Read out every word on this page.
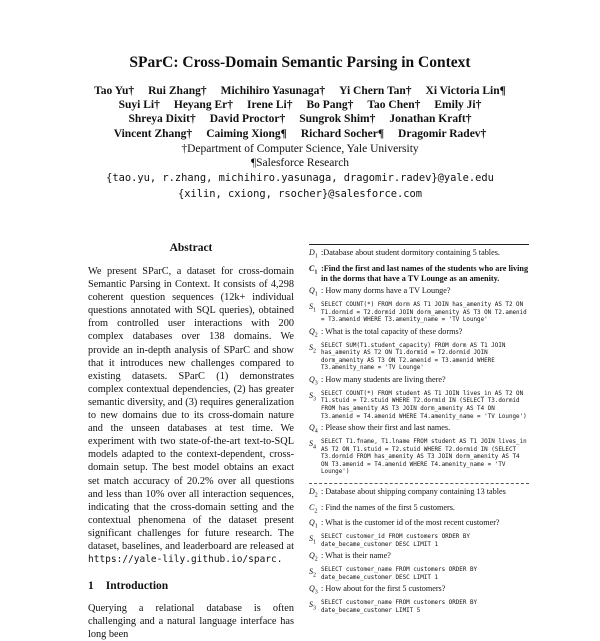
SParC: Cross-Domain Semantic Parsing in Context
Tao Yu† Rui Zhang† Michihiro Yasunaga† Yi Chern Tan† Xi Victoria Lin¶
Suyi Li† Heyang Er† Irene Li† Bo Pang† Tao Chen† Emily Ji†
Shreya Dixit† David Proctor† Sungrok Shim† Jonathan Kraft†
Vincent Zhang† Caiming Xiong¶ Richard Socher¶ Dragomir Radev†
†Department of Computer Science, Yale University
¶Salesforce Research
{tao.yu, r.zhang, michihiro.yasunaga, dragomir.radev}@yale.edu
{xilin, cxiong, rsocher}@salesforce.com
Abstract
We present SParC, a dataset for cross-domain Semantic Parsing in Context. It consists of 4,298 coherent question sequences (12k+ individual questions annotated with SQL queries), obtained from controlled user interactions with 200 complex databases over 138 domains. We provide an in-depth analysis of SParC and show that it introduces new challenges compared to existing datasets. SParC (1) demonstrates complex contextual dependencies, (2) has greater semantic diversity, and (3) requires generalization to new domains due to its cross-domain nature and the unseen databases at test time. We experiment with two state-of-the-art text-to-SQL models adapted to the context-dependent, cross-domain setup. The best model obtains an exact set match accuracy of 20.2% over all questions and less than 10% over all interaction sequences, indicating that the cross-domain setting and the contextual phenomena of the dataset present significant challenges for future research. The dataset, baselines, and leaderboard are released at https://yale-lily.github.io/sparc.
1 Introduction
Querying a relational database is often challenging and a natural language interface has long been
$D_1$ :Database about student dormitory containing 5 tables.
$C_1$ :Find the first and last names of the students who are living in the dorms that have a TV Lounge as an amenity.
$Q_1$ : How many dorms have a TV Lounge?
$S_1$
SELECT COUNT(*) FROM dorm AS T1 JOIN has_amenity AS T2 ON T1.dormid = T2.dormid JOIN dorm_amenity AS T3 ON T2.amenid = T3.amenid WHERE T3.amenity_name = 'TV Lounge'
$Q_2$ : What is the total capacity of these dorms?
$S_2$
SELECT SUM(T1.student_capacity) FROM dorm AS T1 JOIN has_amenity AS T2 ON T1.dormid = T2.dormid JOIN dorm_amenity AS T3 ON T2.amenid = T3.amenid WHERE T3.amenity_name = 'TV Lounge'
$Q_3$ : How many students are living there?
$S_3$
SELECT COUNT(*) FROM student AS T1 JOIN lives_in AS T2 ON T1.stuid = T2.stuid WHERE T2.dormid IN (SELECT T3.dormid FROM has_amenity AS T3 JOIN dorm_amenity AS T4 ON T3.amenid = T4.amenid WHERE T4.amenity_name = 'TV Lounge')
$Q_4$ : Please show their first and last names.
$S_4$
SELECT T1.fname, T1.lname FROM student AS T1 JOIN lives_in AS T2 ON T1.stuid = T2.stuid WHERE T2.dormid IN (SELECT T3.dormid FROM has_amenity AS T3 JOIN dorm_amenity AS T4 ON T3.amenid = T4.amenid WHERE T4.amenity_name = 'TV Lounge')
$D_2$ : Database about shipping company containing 13 tables
$C_2$ : Find the names of the first 5 customers.
$Q_1$ : What is the customer id of the most recent customer?
$S_1$
SELECT customer_id FROM customers ORDER BY date_became_customer DESC LIMIT 1
$Q_2$ : What is their name?
$S_2$
SELECT customer_name FROM customers ORDER BY date_became_customer DESC LIMIT 1
$Q_3$ : How about for the first 5 customers?
$S_3$
SELECT customer_name FROM customers ORDER BY date_became_customer LIMIT 5
